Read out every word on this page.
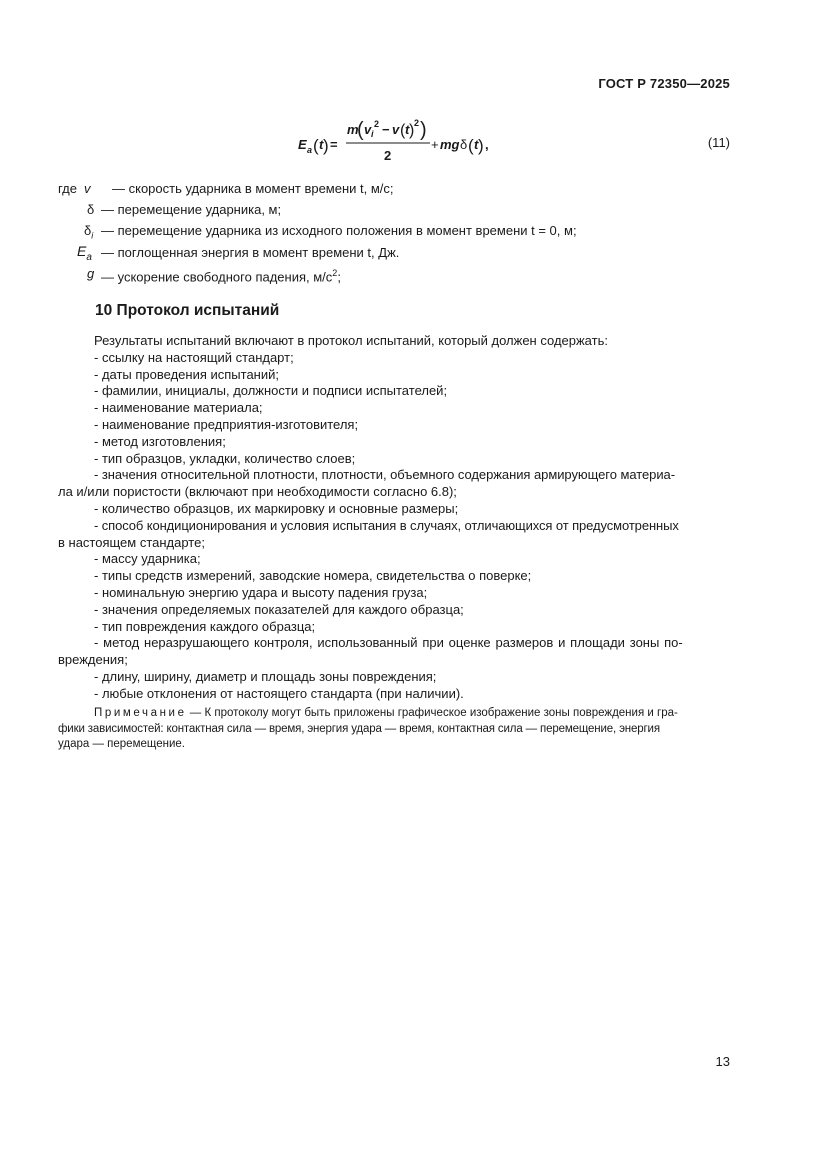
ГОСТ Р 72350—2025
E a ( t ) =
m
( v i
2 − v ( t ) 2 )
2
+ mg δ ( t ) ,	(11)
где v — скорость ударника в момент времени t, м/с;
δ — перемещение ударника, м;
$\delta_i$ — перемещение ударника из исходного положения в момент времени t = 0, м;
$E_a$ — поглощенная энергия в момент времени t, Дж.
g — ускорение свободного падения, $м/с^2$;
10 Протокол испытаний

Результаты испытаний включают в протокол испытаний, который должен содержать:

- ссылку на настоящий стандарт;

- даты проведения испытаний;

- фамилии, инициалы, должности и подписи испытателей;

- наименование материала;

- наименование предприятия-изготовителя;

- метод изготовления;

- тип образцов, укладки, количество слоев;

- значения относительной плотности, плотности, объемного содержания армирующего материа-

ла и/или пористости (включают при необходимости согласно 6.8);

- количество образцов, их маркировку и основные размеры;

- способ кондиционирования и условия испытания в случаях, отличающихся от предусмотренных

в настоящем стандарте;

- массу ударника;

- типы средств измерений, заводские номера, свидетельства о поверке;

- номинальную энергию удара и высоту падения груза;

- значения определяемых показателей для каждого образца;

- тип повреждения каждого образца;

- метод неразрушающего контроля, использованный при оценке размеров и площади зоны по-

вреждения;

- длину, ширину, диаметр и площадь зоны повреждения;

- любые отклонения от настоящего стандарта (при наличии).

Примечание — К протоколу могут быть приложены графическое изображение зоны повреждения и гра-
фики зависимостей: контактная сила — время, энергия удара — время, контактная сила — перемещение, энергия
удара — перемещение.
13
